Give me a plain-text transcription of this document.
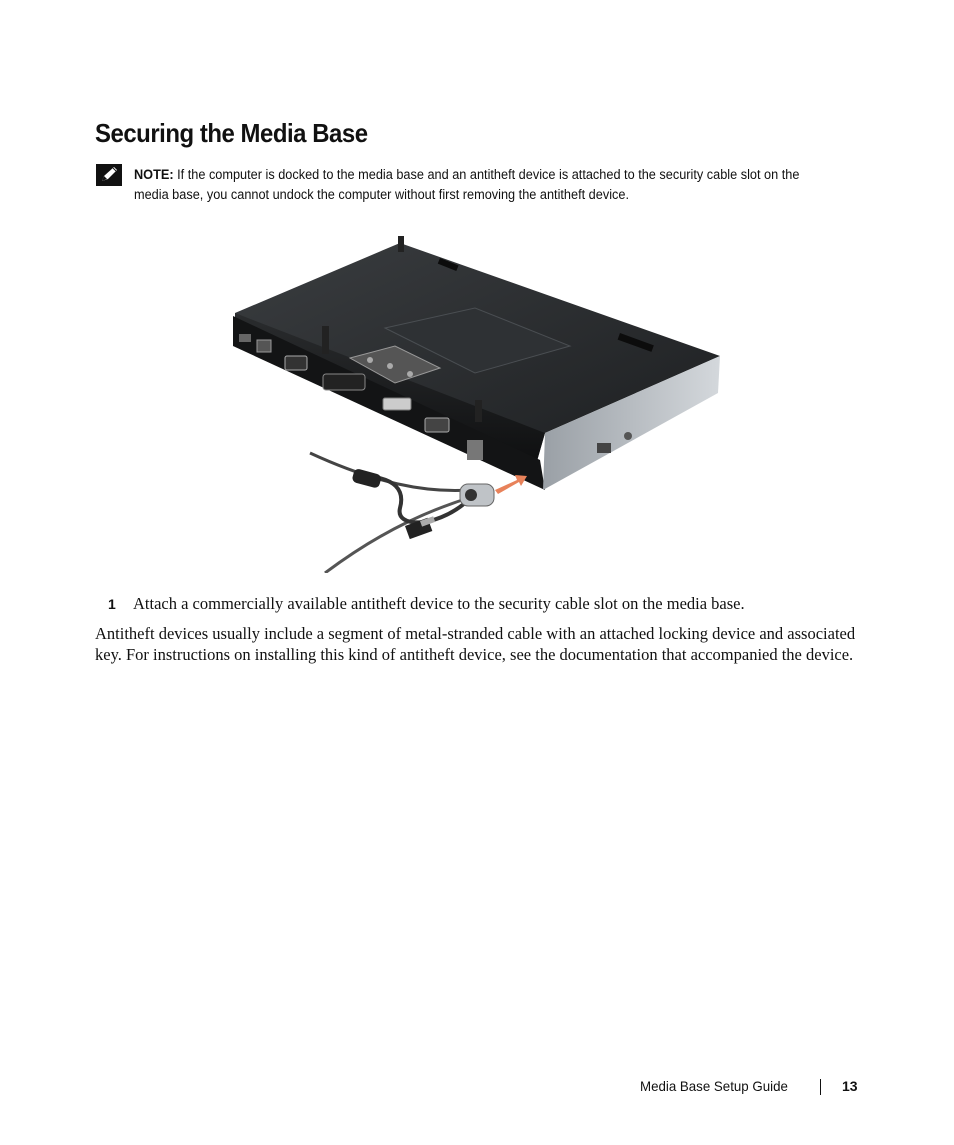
Securing the Media Base
NOTE: If the computer is docked to the media base and an antitheft device is attached to the security cable slot on the media base, you cannot undock the computer without first removing the antitheft device.
1 Attach a commercially available antitheft device to the security cable slot on the media base.

Antitheft devices usually include a segment of metal-stranded cable with an attached locking device and associated key. For instructions on installing this kind of antitheft device, see the documentation that accompanied the device.

Media Base Setup Guide	13
